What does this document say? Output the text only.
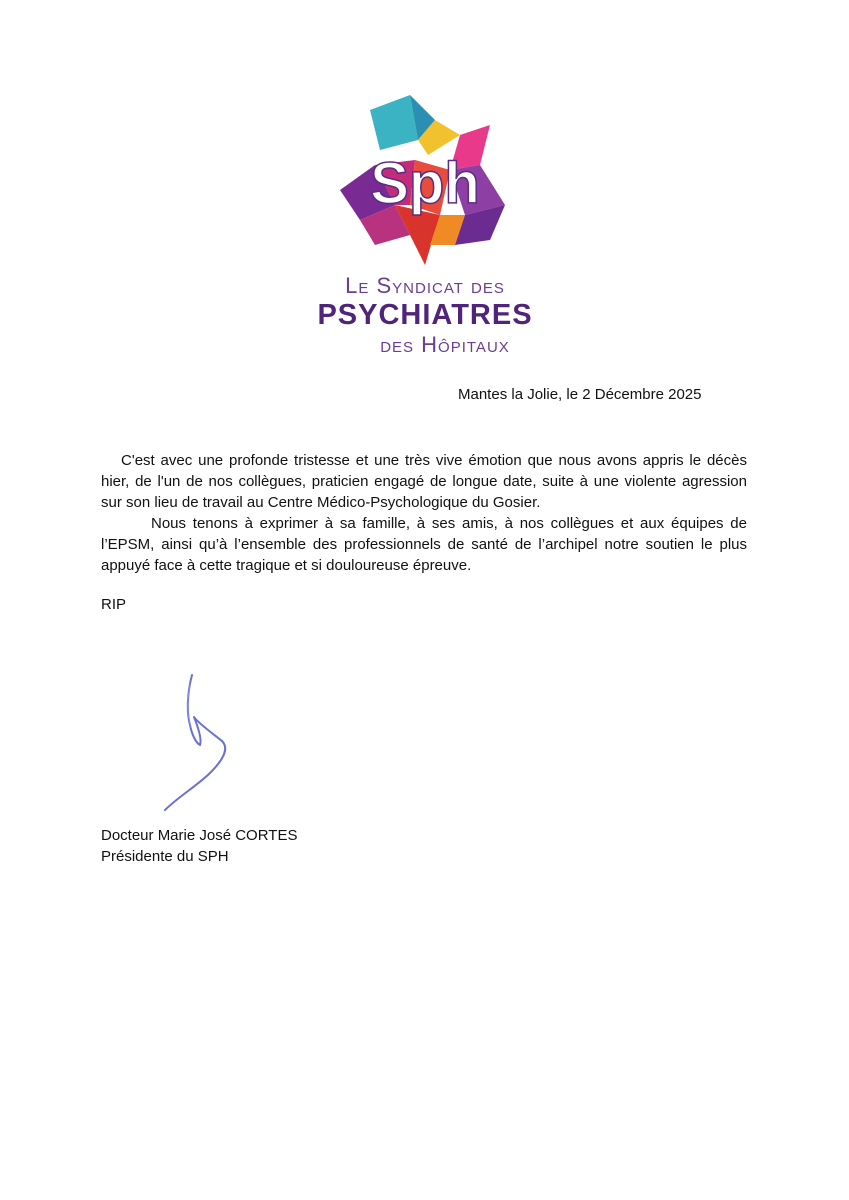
Sph
Le Syndicat des
PSYCHIATRES
des Hôpitaux
Mantes la Jolie, le 2 Décembre 2025

C'est avec une profonde tristesse et une très vive émotion que nous avons appris le décès hier, de l'un de nos collègues, praticien engagé de longue date, suite à une violente agression sur son lieu de travail au Centre Médico-Psychologique du Gosier.

Nous tenons à exprimer à sa famille, à ses amis, à nos collègues et aux équipes de l’EPSM, ainsi qu’à l’ensemble des professionnels de santé de l’archipel notre soutien le plus appuyé face à cette tragique et si douloureuse épreuve.

RIP
Docteur Marie José CORTES
Présidente du SPH
